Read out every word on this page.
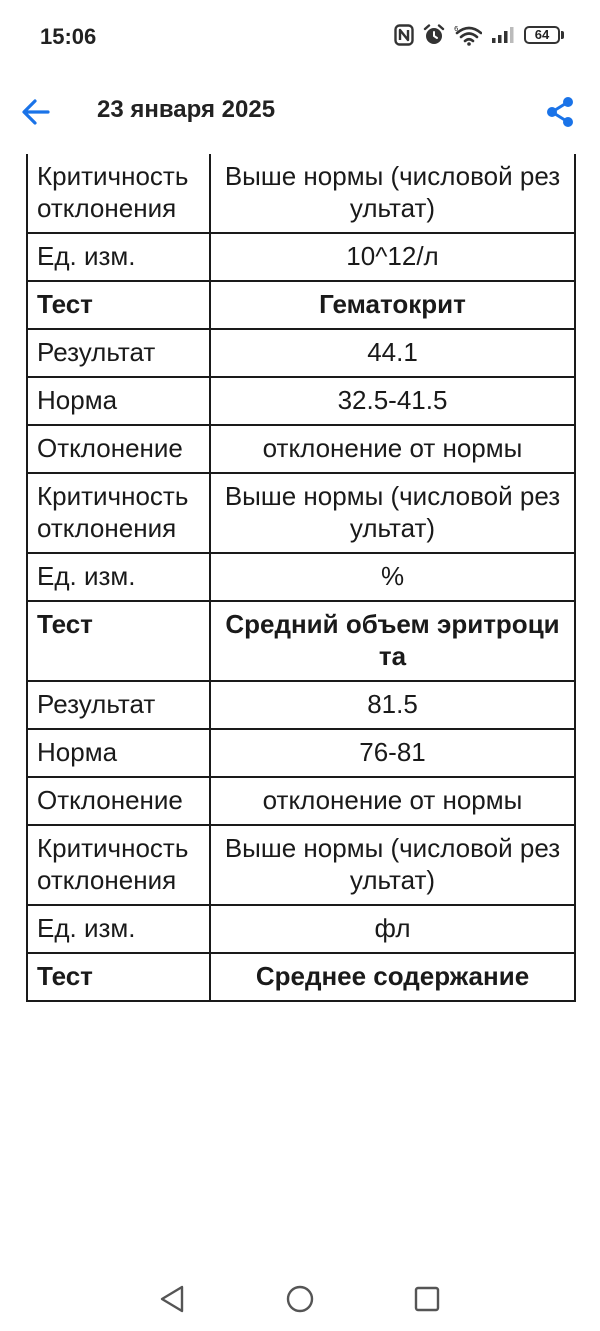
15:06	6	64
23 января 2025
Критичность отклонения	Выше нормы (числовой результат)
Ед. изм.	10^12/л
Тест	Гематокрит
Результат	44.1
Норма	32.5-41.5
Отклонение	отклонение от нормы
Критичность отклонения	Выше нормы (числовой результат)
Ед. изм.	%
Тест	Средний объем эритроцита
Результат	81.5
Норма	76-81
Отклонение	отклонение от нормы
Критичность отклонения	Выше нормы (числовой результат)
Ед. изм.	фл
Тест	Среднее содержание
